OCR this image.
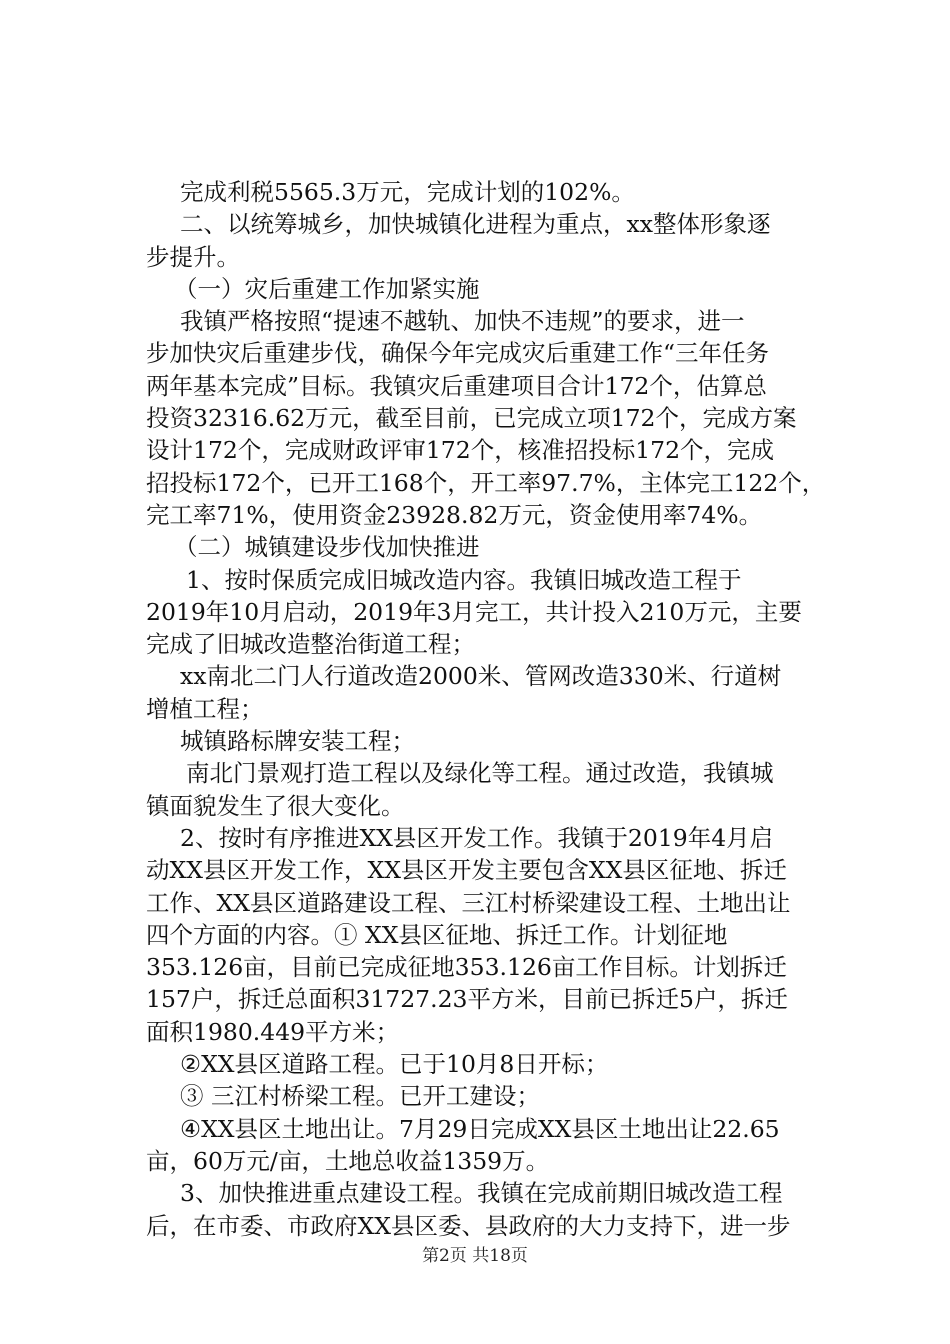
完成利税5565.3万元，完成计划的102%。
二、以统筹城乡，加快城镇化进程为重点，xx整体形象逐
步提升。
（一）灾后重建工作加紧实施
我镇严格按照“提速不越轨、加快不违规”的要求，进一
步加快灾后重建步伐，确保今年完成灾后重建工作“三年任务
两年基本完成”目标。我镇灾后重建项目合计172个，估算总
投资32316.62万元，截至目前，已完成立项172个，完成方案
设计172个，完成财政评审172个，核准招投标172个，完成
招投标172个，已开工168个，开工率97.7%，主体完工122个，
完工率71%，使用资金23928.82万元，资金使用率74%。
（二）城镇建设步伐加快推进
1、按时保质完成旧城改造内容。我镇旧城改造工程于
2019年10月启动，2019年3月完工，共计投入210万元，主要
完成了旧城改造整治街道工程；
xx南北二门人行道改造2000米、管网改造330米、行道树
增植工程；
城镇路标牌安装工程；
南北门景观打造工程以及绿化等工程。通过改造，我镇城
镇面貌发生了很大变化。
2、按时有序推进XX县区开发工作。我镇于2019年4月启
动XX县区开发工作，XX县区开发主要包含XX县区征地、拆迁
工作、XX县区道路建设工程、三江村桥梁建设工程、土地出让
四个方面的内容。① XX县区征地、拆迁工作。计划征地
353.126亩，目前已完成征地353.126亩工作目标。计划拆迁
157户，拆迁总面积31727.23平方米，目前已拆迁5户，拆迁
面积1980.449平方米；
②XX县区道路工程。已于10月8日开标；
③ 三江村桥梁工程。已开工建设；
④XX县区土地出让。7月29日完成XX县区土地出让22.65
亩，60万元/亩，土地总收益1359万。
3、加快推进重点建设工程。我镇在完成前期旧城改造工程
后，在市委、市政府XX县区委、县政府的大力支持下，进一步
第2页 共18页
